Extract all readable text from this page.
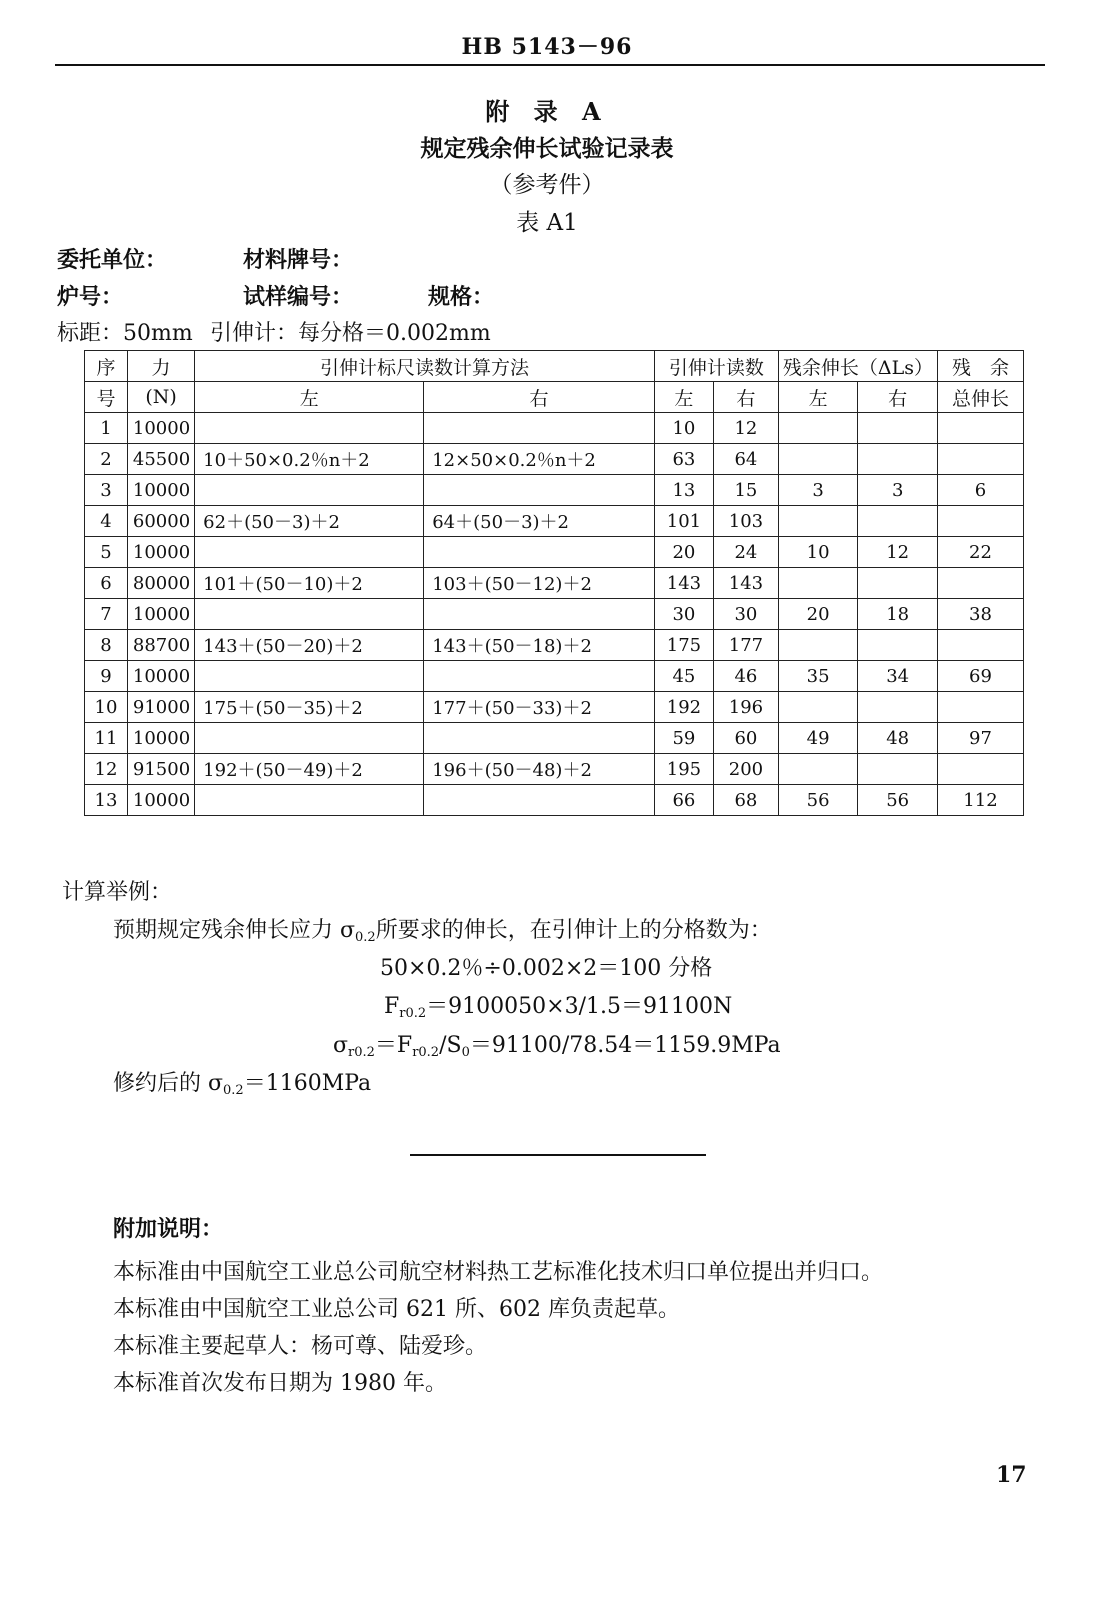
HB 5143－96
附 录 A
规定残余伸长试验记录表
（参考件）
表 A1
委托单位：	材料牌号：
炉号：	试样编号：	规格：
标距：50mm 引伸计：每分格＝0.002mm
序	力	引伸计标尺读数计算方法		引伸计读数		残余伸长（ΔLs）		残　余
号	(N)	左	右	左	右	左	右	总伸长
1	10000			10	12			
2	45500	10＋50×0.2％n＋2	12×50×0.2％n＋2	63	64			
3	10000			13	15	3	3	6
4	60000	62＋(50－3)＋2	64＋(50－3)＋2	101	103			
5	10000			20	24	10	12	22
6	80000	101＋(50－10)＋2	103＋(50－12)＋2	143	143			
7	10000			30	30	20	18	38
8	88700	143＋(50－20)＋2	143＋(50－18)＋2	175	177			
9	10000			45	46	35	34	69
10	91000	175＋(50－35)＋2	177＋(50－33)＋2	192	196			
11	10000			59	60	49	48	97
12	91500	192＋(50－49)＋2	196＋(50－48)＋2	195	200			
13	10000			66	68	56	56	112
计算举例：
预期规定残余伸长应力 $\sigma_{0.2}$所要求的伸长，在引伸计上的分格数为：
50×0.2％÷0.002×2＝100 分格
$F_{r0.2}=9100050\times 3/1.5=91100N$
$\sigma_{r0.2}=F_{r0.2}/S_0=91100/78.54=1159.9MPa$
修约后的 $\sigma_{0.2}=1160MPa$
附加说明：
本标准由中国航空工业总公司航空材料热工艺标准化技术归口单位提出并归口。
本标准由中国航空工业总公司 621 所、602 库负责起草。
本标准主要起草人：杨可尊、陆爱珍。
本标准首次发布日期为 1980 年。
17
